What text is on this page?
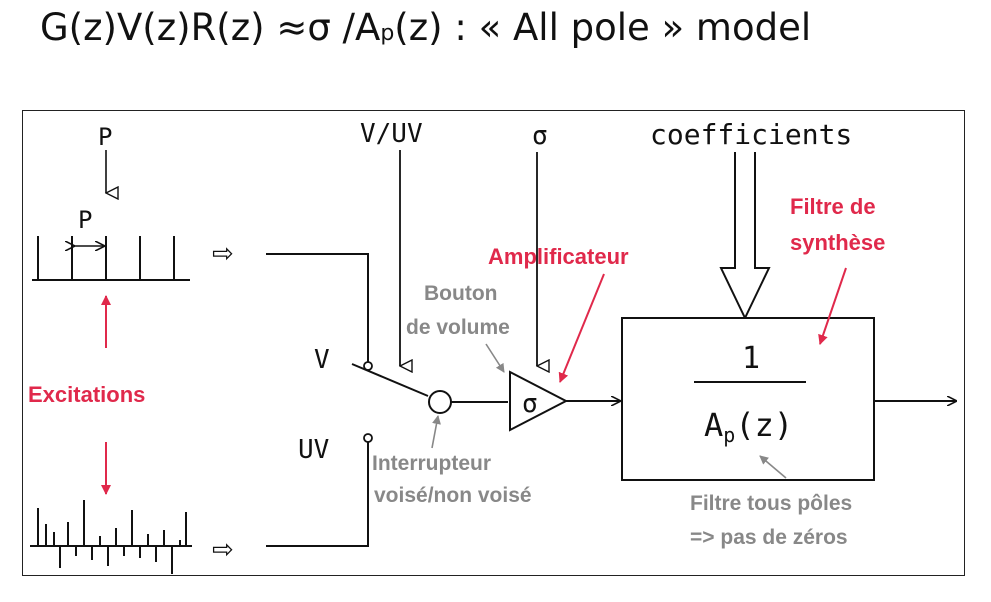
G(z)V(z)R(z) ≈σ /Ap(z) : « All pole » model
P
P
⇨
Excitations
⇨
V
UV
V/UV	σ
σ
coefficients
1
Ap(z)
Amplificateur
Filtre de
synthèse
Bouton
de volume
Interrupteur
voisé/non voisé	Filtre tous pôles
=> pas de zéros
